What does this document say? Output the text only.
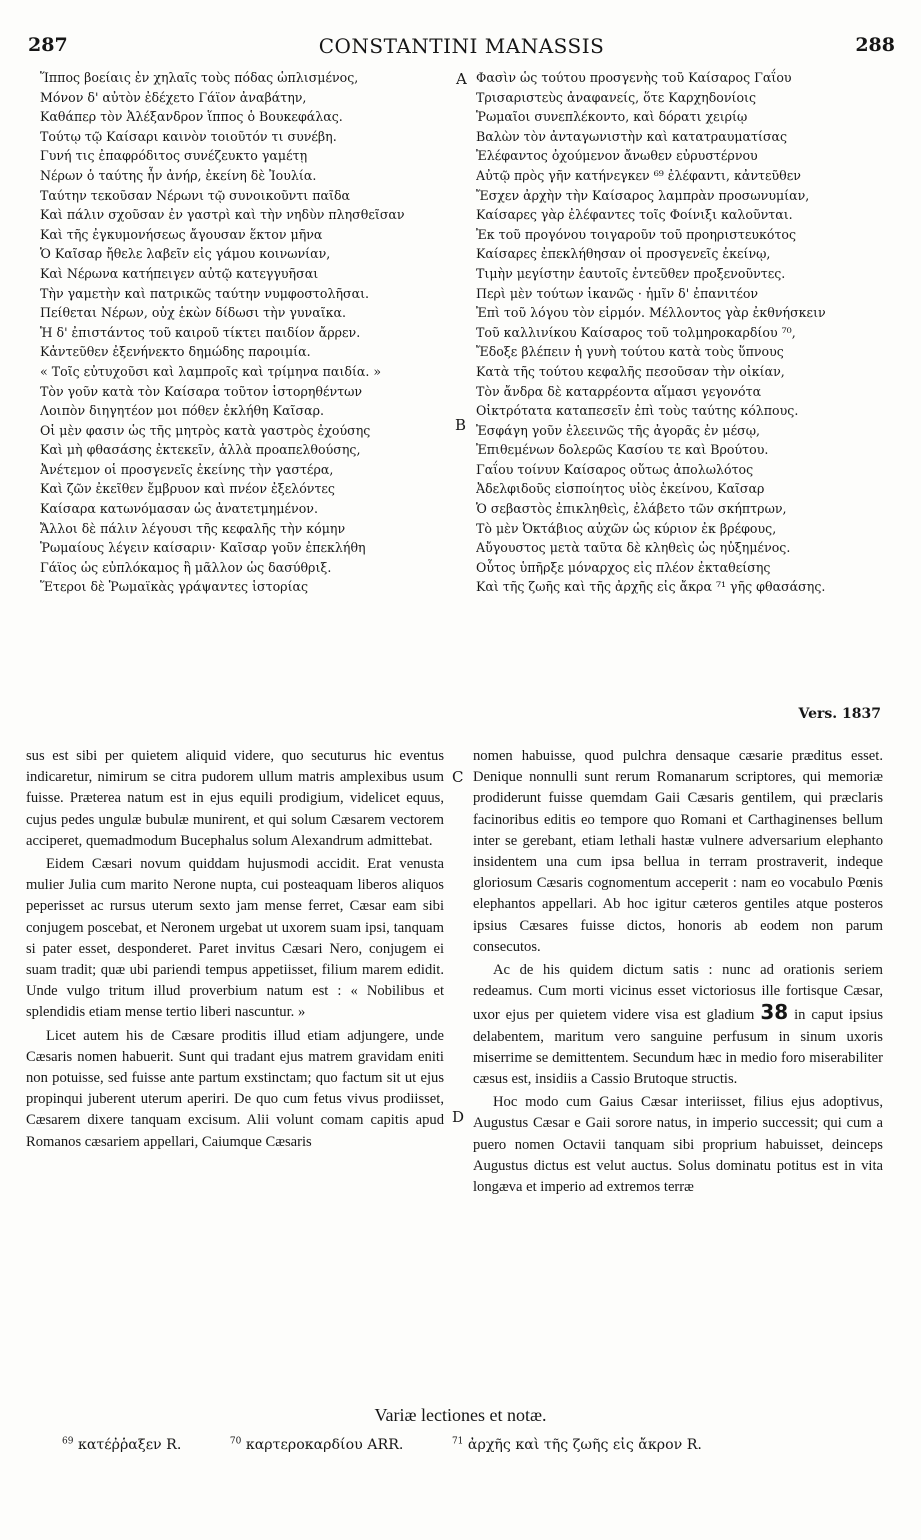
287	CONSTANTINI MANASSIS	288
Ἵππος βοείαις ἐν χηλαῖς τοὺς πόδας ὡπλισμένος,
Μόνον δ' αὐτὸν ἐδέχετο Γάϊον ἀναβάτην,
Καθάπερ τὸν Ἀλέξανδρον ἵππος ὁ Βουκεφάλας.
Τούτῳ τῷ Καίσαρι καινὸν τοιοῦτόν τι συνέβη.
Γυνή τις ἐπαφρόδιτος συνέζευκτο γαμέτῃ
Νέρων ὁ ταύτης ἦν ἀνήρ, ἐκείνη δὲ Ἰουλία.
Ταύτην τεκοῦσαν Νέρωνι τῷ συνοικοῦντι παῖδα
Καὶ πάλιν σχοῦσαν ἐν γαστρὶ καὶ τὴν νηδὺν πλησθεῖσαν
Καὶ τῆς ἐγκυμονήσεως ἄγουσαν ἕκτον μῆνα
Ὁ Καῖσαρ ἤθελε λαβεῖν εἰς γάμου κοινωνίαν,
Καὶ Νέρωνα κατήπειγεν αὐτῷ κατεγγυῆσαι
Τὴν γαμετὴν καὶ πατρικῶς ταύτην νυμφοστολῆσαι.
Πείθεται Νέρων, οὐχ ἑκὼν δίδωσι τὴν γυναῖκα.
Ἡ δ' ἐπιστάντος τοῦ καιροῦ τίκτει παιδίον ἄρρεν.
Κἀντεῦθεν ἐξενήνεκτο δημώδης παροιμία.
« Τοῖς εὐτυχοῦσι καὶ λαμπροῖς καὶ τρίμηνα παιδία. »
Τὸν γοῦν κατὰ τὸν Καίσαρα τοῦτον ἱστορηθέντων
Λοιπὸν διηγητέον μοι πόθεν ἐκλήθη Καῖσαρ.
Οἱ μὲν φασιν ὡς τῆς μητρὸς κατὰ γαστρὸς ἐχούσης
Καὶ μὴ φθασάσης ἐκτεκεῖν, ἀλλὰ προαπελθούσης,
Ἀνέτεμον οἱ προσγενεῖς ἐκείνης τὴν γαστέρα,
Καὶ ζῶν ἐκεῖθεν ἔμβρυον καὶ πνέον ἐξελόντες
Καίσαρα κατωνόμασαν ὡς ἀνατετμημένον.
Ἄλλοι δὲ πάλιν λέγουσι τῆς κεφαλῆς τὴν κόμην
Ῥωμαίους λέγειν καίσαριν· Καῖσαρ γοῦν ἐπεκλήθη
Γάϊος ὡς εὐπλόκαμος ἢ μᾶλλον ὡς δασύθριξ.
Ἕτεροι δὲ Ῥωμαϊκὰς γράψαντες ἱστορίας
Φασὶν ὡς τούτου προσγενὴς τοῦ Καίσαρος Γαΐου
Τρισαριστεὺς ἀναφανείς, ὅτε Καρχηδονίοις
Ῥωμαῖοι συνεπλέκοντο, καὶ δόρατι χειρίῳ
Βαλὼν τὸν ἀνταγωνιστὴν καὶ κατατραυματίσας
Ἐλέφαντος ὀχούμενον ἄνωθεν εὐρυστέρνου
Αὐτῷ πρὸς γῆν κατήνεγκεν ⁶⁹ ἐλέφαντι, κἀντεῦθεν
Ἔσχεν ἀρχὴν τὴν Καίσαρος λαμπρὰν προσωνυμίαν,
Καίσαρες γὰρ ἐλέφαντες τοῖς Φοίνιξι καλοῦνται.
Ἐκ τοῦ προγόνου τοιγαροῦν τοῦ προηριστευκότος
Καίσαρες ἐπεκλήθησαν οἱ προσγενεῖς ἐκείνῳ,
Τιμὴν μεγίστην ἑαυτοῖς ἐντεῦθεν προξενοῦντες.
Περὶ μὲν τούτων ἱκανῶς · ἡμῖν δ' ἐπανιτέον
Ἐπὶ τοῦ λόγου τὸν εἱρμόν. Μέλλοντος γὰρ ἐκθνήσκειν
Τοῦ καλλινίκου Καίσαρος τοῦ τολμηροκαρδίου ⁷⁰,
Ἔδοξε βλέπειν ἡ γυνὴ τούτου κατὰ τοὺς ὕπνους
Κατὰ τῆς τούτου κεφαλῆς πεσοῦσαν τὴν οἰκίαν,
Τὸν ἄνδρα δὲ καταρρέοντα αἵμασι γεγονότα
Οἰκτρότατα καταπεσεῖν ἐπὶ τοὺς ταύτης κόλπους.
Ἐσφάγη γοῦν ἐλεεινῶς τῆς ἀγορᾶς ἐν μέσῳ,
Ἐπιθεμένων δολερῶς Κασίου τε καὶ Βρούτου.
Γαΐου τοίνυν Καίσαρος οὕτως ἀπολωλότος
Ἀδελφιδοῦς εἰσποίητος υἱὸς ἐκείνου, Καῖσαρ
Ὁ σεβαστὸς ἐπικληθεὶς, ἐλάβετο τῶν σκήπτρων,
Τὸ μὲν Ὀκτάβιος αὐχῶν ὡς κύριον ἐκ βρέφους,
Αὔγουστος μετὰ ταῦτα δὲ κληθεὶς ὡς ηὐξημένος.
Οὗτος ὑπῆρξε μόναρχος εἰς πλέον ἐκταθείσης
Καὶ τῆς ζωῆς καὶ τῆς ἀρχῆς εἰς ἄκρα ⁷¹ γῆς φθασάσης.
Vers. 1837
A
B
C
D

sus est sibi per quietem aliquid videre, quo secuturus hic eventus indicaretur, nimirum se citra pudorem ullum matris amplexibus usum fuisse. Præterea natum est in ejus equili prodigium, videlicet equus, cujus pedes ungulæ bubulæ munirent, et qui solum Cæsarem vectorem acciperet, quemadmodum Bucephalus solum Alexandrum admittebat.

Eidem Cæsari novum quiddam hujusmodi accidit. Erat venusta mulier Julia cum marito Nerone nupta, cui posteaquam liberos aliquos peperisset ac rursus uterum sexto jam mense ferret, Cæsar eam sibi conjugem poscebat, et Neronem urgebat ut uxorem suam ipsi, tanquam si pater esset, desponderet. Paret invitus Cæsari Nero, conjugem ei suam tradit; quæ ubi pariendi tempus appetiisset, filium marem edidit. Unde vulgo tritum illud proverbium natum est : « Nobilibus et splendidis etiam mense tertio liberi nascuntur. »

Licet autem his de Cæsare proditis illud etiam adjungere, unde Cæsaris nomen habuerit. Sunt qui tradant ejus matrem gravidam eniti non potuisse, sed fuisse ante partum exstinctam; quo factum sit ut ejus propinqui juberent uterum aperiri. De quo cum fetus vivus prodiisset, Cæsarem dixere tanquam excisum. Alii volunt comam capitis apud Romanos cæsariem appellari, Caiumque Cæsaris

nomen habuisse, quod pulchra densaque cæsarie præditus esset. Denique nonnulli sunt rerum Romanarum scriptores, qui memoriæ prodiderunt fuisse quemdam Gaii Cæsaris gentilem, qui præclaris facinoribus editis eo tempore quo Romani et Carthaginenses bellum inter se gerebant, etiam lethali hastæ vulnere adversarium elephanto insidentem una cum ipsa bellua in terram prostraverit, indeque gloriosum Cæsaris cognomentum acceperit : nam eo vocabulo Pœnis elephantos appellari. Ab hoc igitur cæteros gentiles atque posteros ipsius Cæsares fuisse dictos, honoris ab eodem non parum consecutos.

Ac de his quidem dictum satis : nunc ad orationis seriem redeamus. Cum morti vicinus esset victoriosus ille fortisque Cæsar, uxor ejus per quietem videre visa est gladium 38 in caput ipsius delabentem, maritum vero sanguine perfusum in sinum uxoris miserrime se demittentem. Secundum hæc in medio foro miserabiliter cæsus est, insidiis a Cassio Brutoque structis.

Hoc modo cum Gaius Cæsar interiisset, filius ejus adoptivus, Augustus Cæsar e Gaii sorore natus, in imperio successit; qui cum a puero nomen Octavii tanquam sibi proprium habuisset, deinceps Augustus dictus est velut auctus. Solus dominatu potitus est in vita longæva et imperio ad extremos terræ

Variæ lectiones et notæ.
$^{69}$ κατέῤῥαξεν R.	$^{70}$ καρτεροκαρδίου ARR.	$^{71}$ ἀρχῆς καὶ τῆς ζωῆς εἰς ἄκρον R.
